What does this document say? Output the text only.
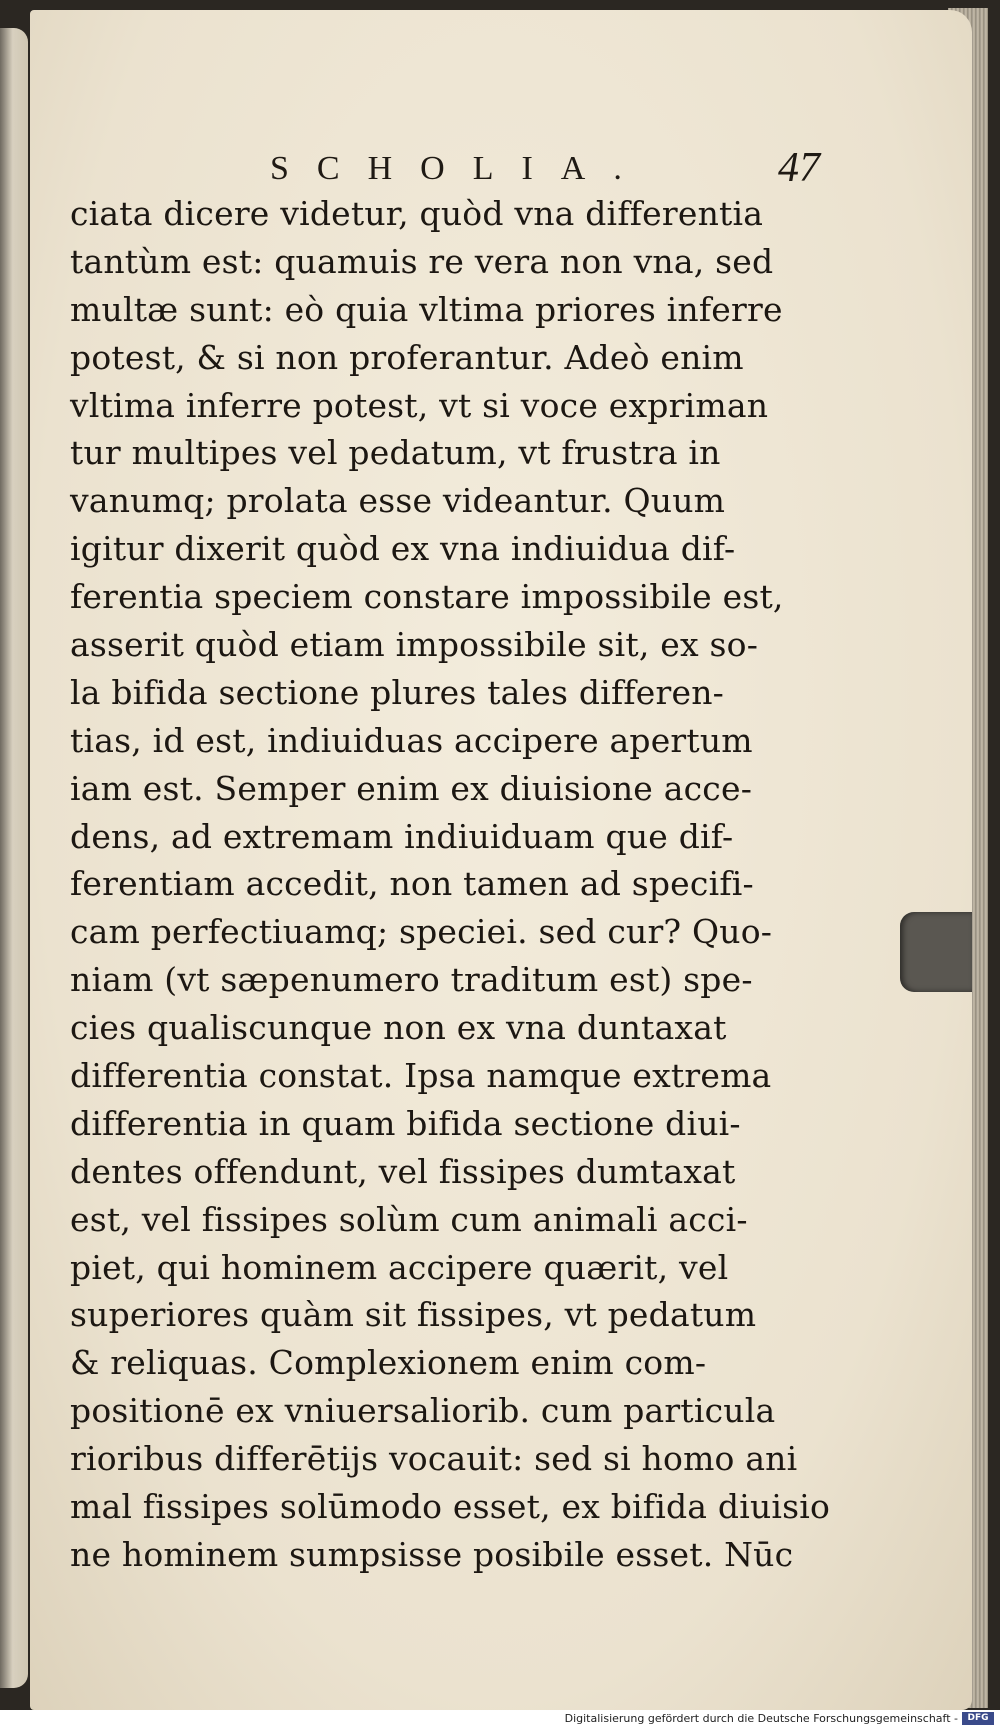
SCHOLIA.	47
ciata dicere videtur, quòd vna differentia
tantùm est: quamuis re vera non vna, sed
multæ sunt: eò quia vltima priores inferre
potest, & si non proferantur. Adeò enim
vltima inferre potest, vt si voce expriman
tur multipes vel pedatum, vt frustra in
vanumq; prolata esse videantur. Quum
igitur dixerit quòd ex vna indiuidua dif-
ferentia speciem constare impossibile est,
asserit quòd etiam impossibile sit, ex so-
la bifida sectione plures tales differen-
tias, id est, indiuiduas accipere apertum
iam est. Semper enim ex diuisione acce-
dens, ad extremam indiuiduam que dif-
ferentiam accedit, non tamen ad specifi-
cam perfectiuamq; speciei. sed cur? Quo-
niam (vt sæpenumero traditum est) spe-
cies qualiscunque non ex vna duntaxat
differentia constat. Ipsa namque extrema
differentia in quam bifida sectione diui-
dentes offendunt, vel fissipes dumtaxat
est, vel fissipes solùm cum animali acci-
piet, qui hominem accipere quærit, vel
superiores quàm sit fissipes, vt pedatum
& reliquas. Complexionem enim com-
positionē ex vniuersaliorib. cum particula
rioribus differētijs vocauit: sed si homo ani
mal fissipes solūmodo esset, ex bifida diuisio
ne hominem sumpsisse posibile esset. Nūc
Digitalisierung gefördert durch die Deutsche Forschungsgemeinschaft -	DFG
